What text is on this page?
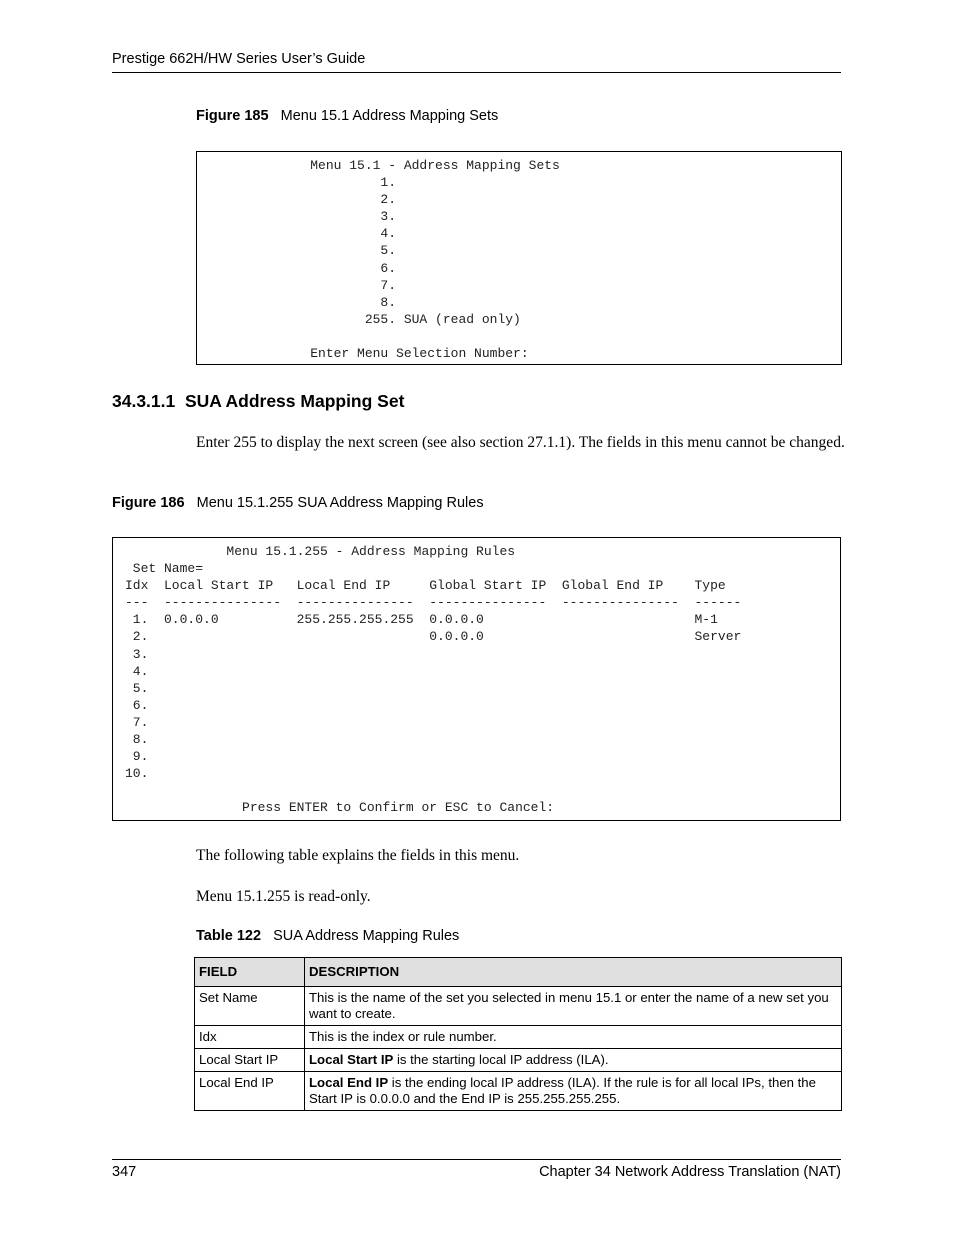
Prestige 662H/HW Series User’s Guide
Figure 185 Menu 15.1 Address Mapping Sets
Menu 15.1 - Address Mapping Sets
1.
2.
3.
4.
5.
6.
7.
8.
255. SUA (read only)

Enter Menu Selection Number:
34.3.1.1 SUA Address Mapping Set
Enter 255 to display the next screen (see also section 27.1.1). The fields in this menu cannot be changed.
Figure 186 Menu 15.1.255 SUA Address Mapping Rules
Menu 15.1.255 - Address Mapping Rules
Set Name=
Idx  Local Start IP   Local End IP     Global Start IP  Global End IP    Type
---  ---------------  ---------------  ---------------  ---------------  ------
1.  0.0.0.0          255.255.255.255  0.0.0.0                           M-1
2.                                    0.0.0.0                           Server
3.
4.
5.
6.
7.
8.
9.
10.

Press ENTER to Confirm or ESC to Cancel:
The following table explains the fields in this menu.
Menu 15.1.255 is read-only.
Table 122 SUA Address Mapping Rules
FIELD	DESCRIPTION
Set Name	This is the name of the set you selected in menu 15.1 or enter the name of a new set you want to create.
Idx	This is the index or rule number.
Local Start IP	Local Start IP is the starting local IP address (ILA).
Local End IP	Local End IP is the ending local IP address (ILA). If the rule is for all local IPs, then the Start IP is 0.0.0.0 and the End IP is 255.255.255.255.
347	Chapter 34 Network Address Translation (NAT)
